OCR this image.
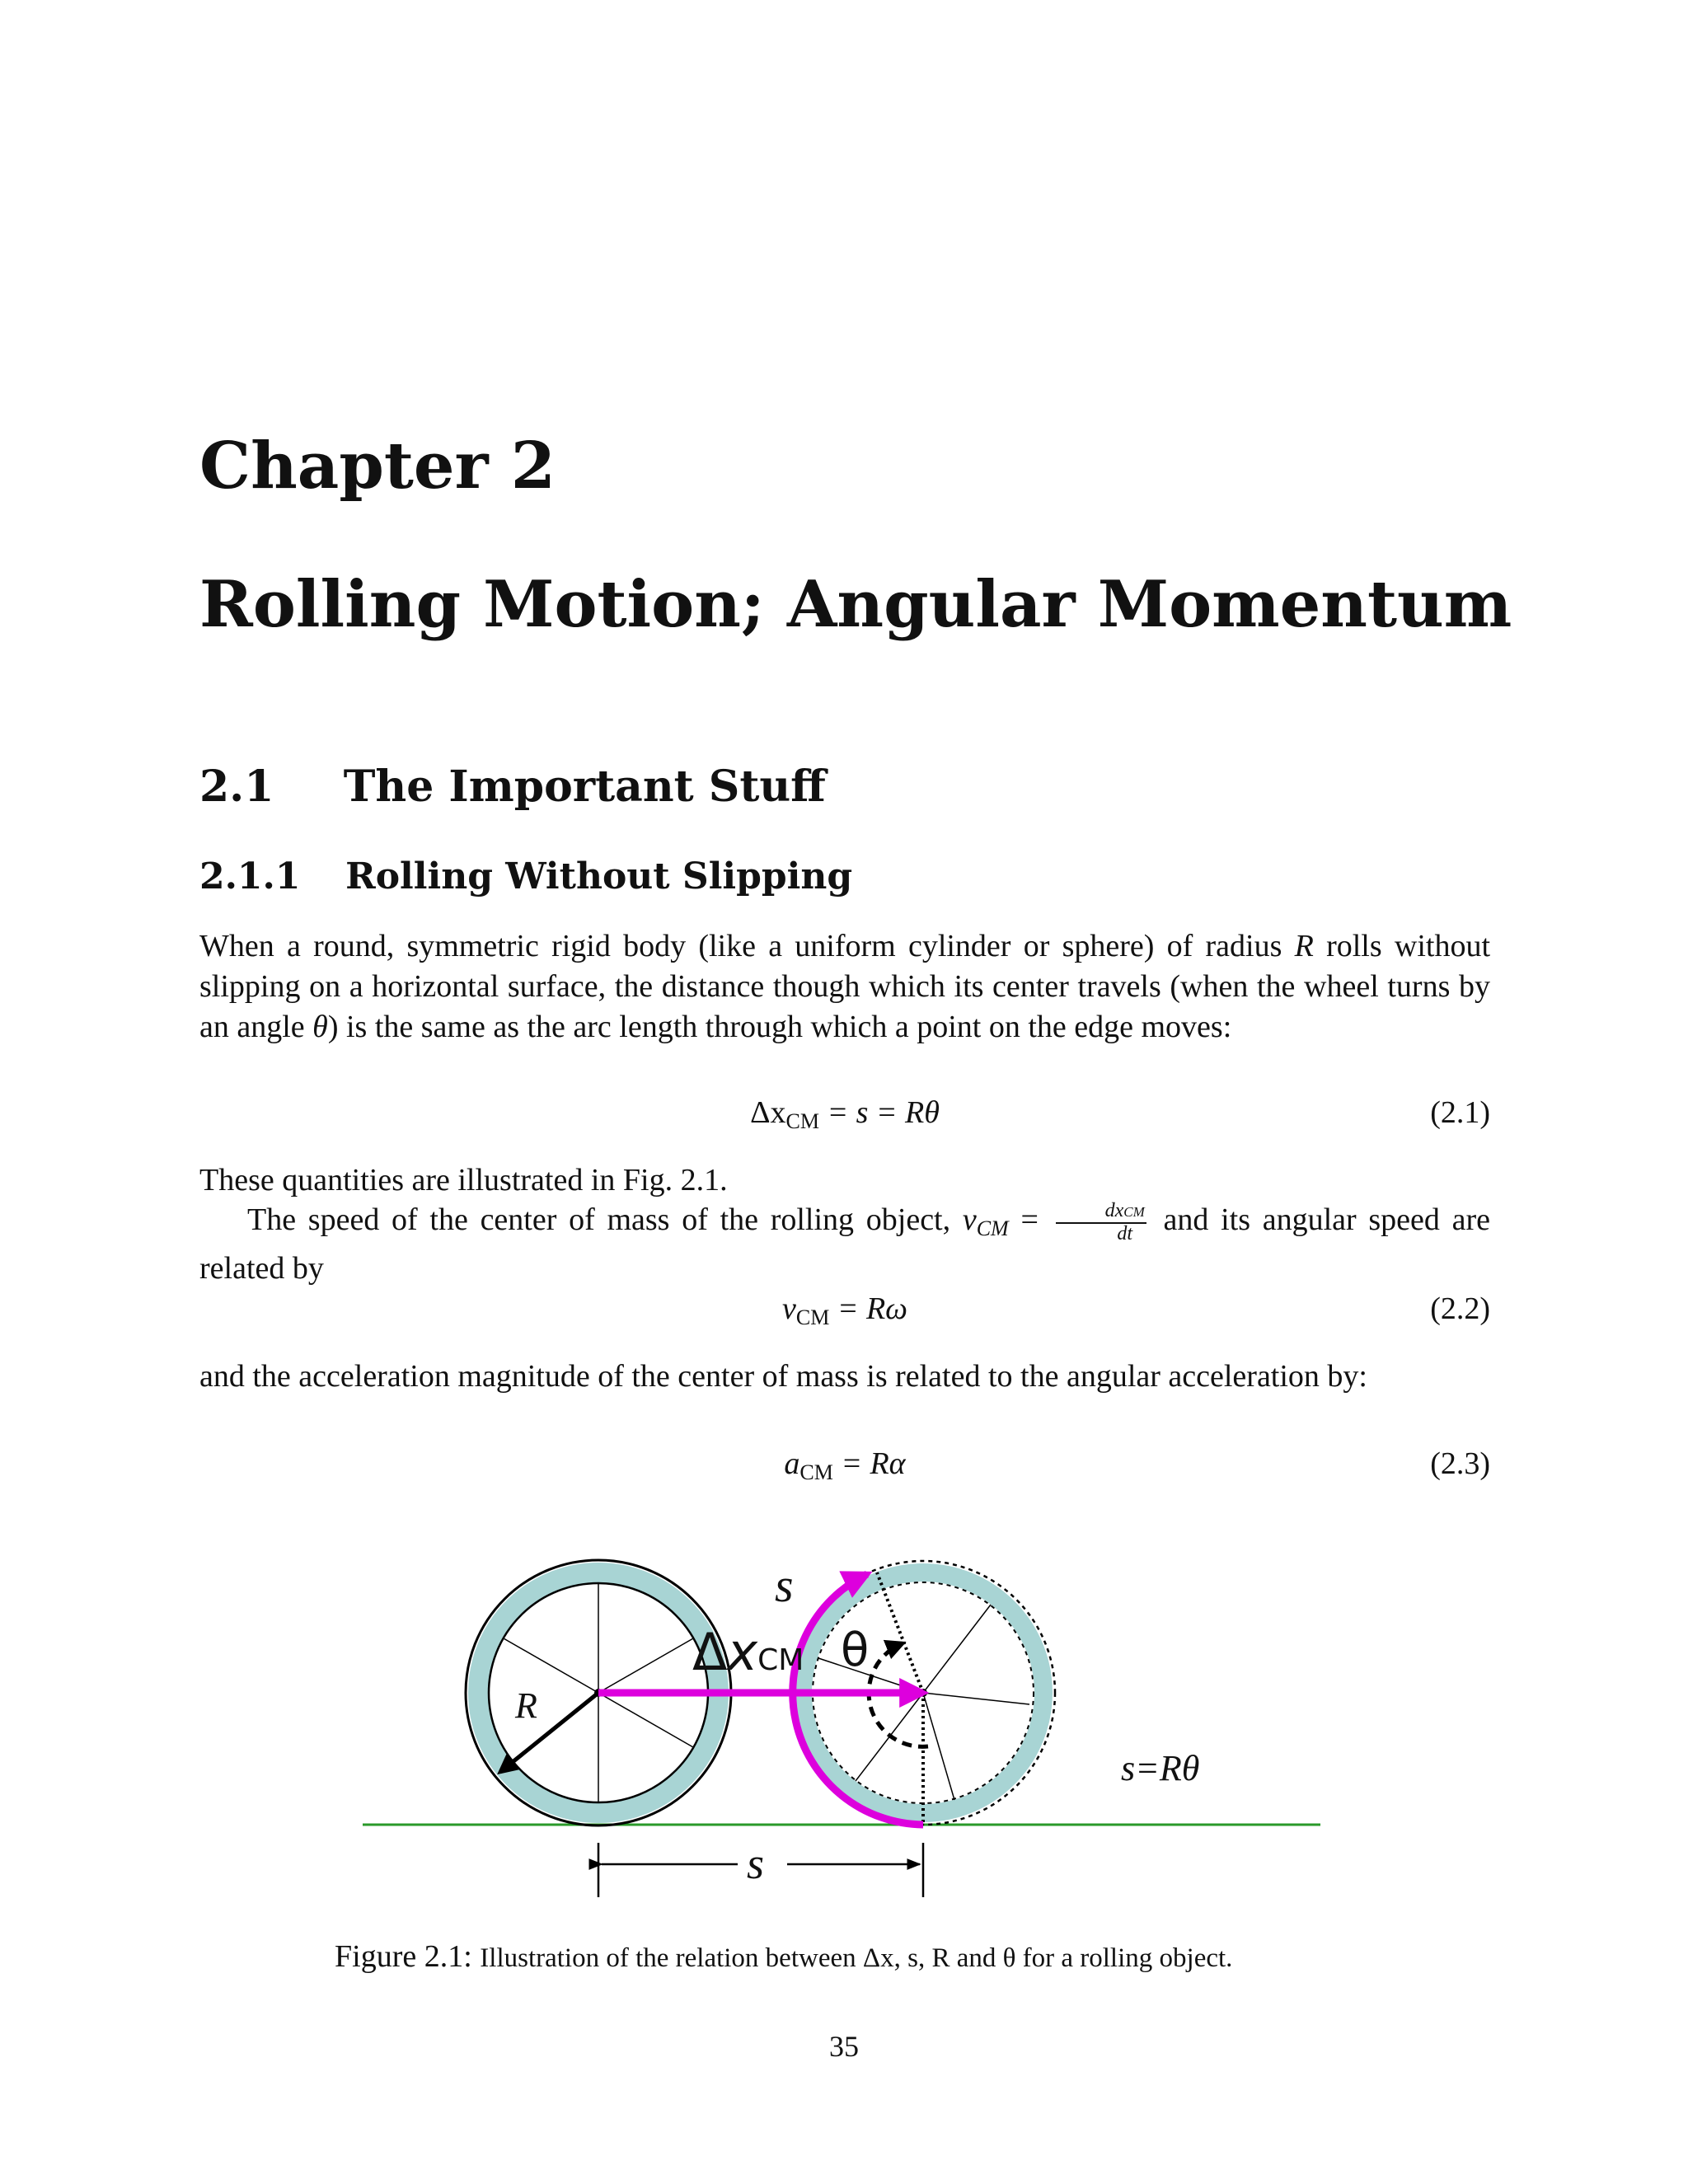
Chapter 2
Rolling Motion; Angular Momentum
2.1 The Important Stuff
2.1.1 Rolling Without Slipping
When a round, symmetric rigid body (like a uniform cylinder or sphere) of radius R rolls without slipping on a horizontal surface, the distance though which its center travels (when the wheel turns by an angle θ) is the same as the arc length through which a point on the edge moves:
$\Delta x_{CM} = s = R\theta$	(2.1)
These quantities are illustrated in Fig. 2.1.
The speed of the center of mass of the rolling object, $v_{CM} = \frac{\text{dxCM}}{dt}$ and its angular speed are related by
$v_{CM} = R\omega$	(2.2)
and the acceleration magnitude of the center of mass is related to the angular acceleration by:
$a_{CM} = R\alpha$	(2.3)
s
ΔxCM θ
R
s=Rθ
s
Figure 2.1: Illustration of the relation between Δx, s, R and θ for a rolling object.
35
